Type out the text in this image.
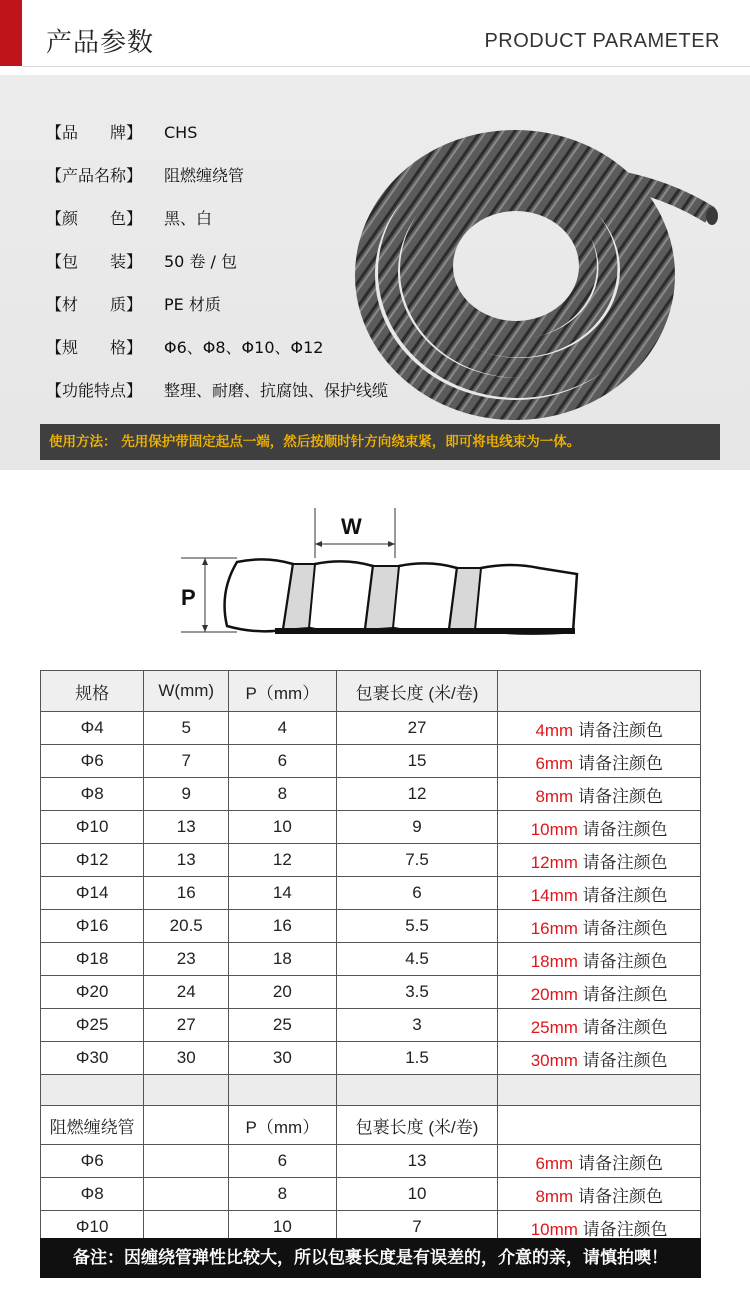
产品参数	PRODUCT PARAMETER
【品　　牌】 CHS
【产品名称】 阻燃缠绕管
【颜　　色】 黑、白
【包　　装】 50 卷 / 包
【材　　质】 PE 材质
【规　　格】 Φ6、Φ8、Φ10、Φ12
【功能特点】 整理、耐磨、抗腐蚀、保护线缆
使用方法： 先用保护带固定起点一端，然后按顺时针方向绕束紧，即可将电线束为一体。
W
P
规格	W(mm)	P（mm）	包裹长度 (米/卷)	
Φ4	5	4	27	4mm 请备注颜色
Φ6	7	6	15	6mm 请备注颜色
Φ8	9	8	12	8mm 请备注颜色
Φ10	13	10	9	10mm 请备注颜色
Φ12	13	12	7.5	12mm 请备注颜色
Φ14	16	14	6	14mm 请备注颜色
Φ16	20.5	16	5.5	16mm 请备注颜色
Φ18	23	18	4.5	18mm 请备注颜色
Φ20	24	20	3.5	20mm 请备注颜色
Φ25	27	25	3	25mm 请备注颜色
Φ30	30	30	1.5	30mm 请备注颜色

阻燃缠绕管		P（mm）	包裹长度 (米/卷)	
Φ6		6	13	6mm 请备注颜色
Φ8		8	10	8mm 请备注颜色
Φ10		10	7	10mm 请备注颜色
备注：因缠绕管弹性比较大，所以包裹长度是有误差的，介意的亲，请慎拍噢！
